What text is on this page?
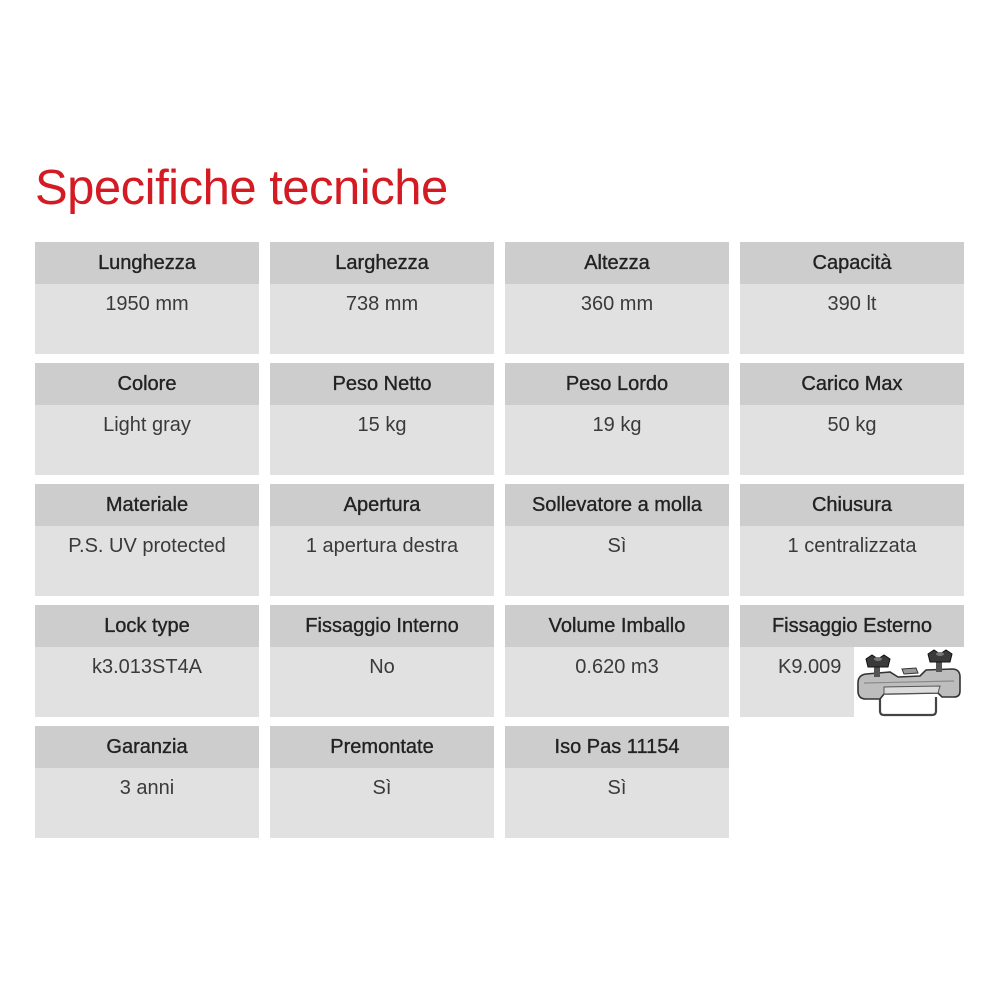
Specifiche tecniche
Lunghezza
1950 mm
Larghezza
738 mm
Altezza
360 mm
Capacità
390 lt
Colore
Light gray
Peso Netto
15 kg
Peso Lordo
19 kg
Carico Max
50 kg
Materiale
P.S. UV protected
Apertura
1 apertura destra
Sollevatore a molla
Sì
Chiusura
1 centralizzata
Lock type
k3.013ST4A
Fissaggio Interno
No
Volume Imballo
0.620 m3
Fissaggio Esterno
K9.009
Garanzia
3 anni
Premontate
Sì
Iso Pas 11154
Sì
